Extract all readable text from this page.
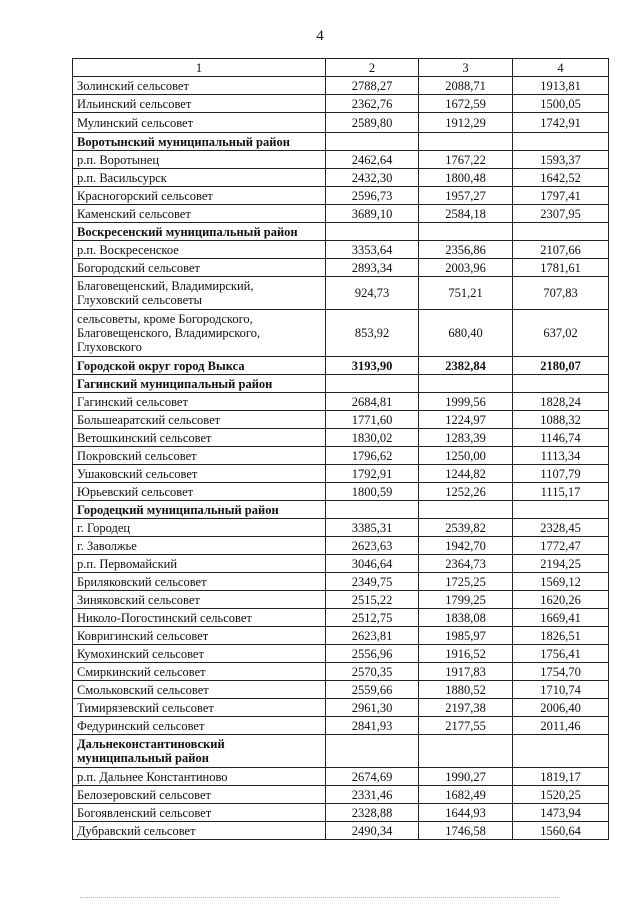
4
1	2	3	4
Золинский сельсовет	2788,27	2088,71	1913,81
Ильинский сельсовет	2362,76	1672,59	1500,05
Мулинский сельсовет	2589,80	1912,29	1742,91
Воротынский муниципальный район			
р.п. Воротынец	2462,64	1767,22	1593,37
р.п. Васильсурск	2432,30	1800,48	1642,52
Красногорский сельсовет	2596,73	1957,27	1797,41
Каменский сельсовет	3689,10	2584,18	2307,95
Воскресенский муниципальный район			
р.п. Воскресенское	3353,64	2356,86	2107,66
Богородский сельсовет	2893,34	2003,96	1781,61
Благовещенский, Владимирский,
Глуховский сельсоветы	924,73	751,21	707,83
сельсоветы, кроме Богородского,
Благовещенского, Владимирского,
Глуховского	853,92	680,40	637,02
Городской округ город Выкса	3193,90	2382,84	2180,07
Гагинский муниципальный район			
Гагинский сельсовет	2684,81	1999,56	1828,24
Большеаратский сельсовет	1771,60	1224,97	1088,32
Ветошкинский сельсовет	1830,02	1283,39	1146,74
Покровский сельсовет	1796,62	1250,00	1113,34
Ушаковский сельсовет	1792,91	1244,82	1107,79
Юрьевский сельсовет	1800,59	1252,26	1115,17
Городецкий муниципальный район			
г. Городец	3385,31	2539,82	2328,45
г. Заволжье	2623,63	1942,70	1772,47
р.п. Первомайский	3046,64	2364,73	2194,25
Бриляковский сельсовет	2349,75	1725,25	1569,12
Зиняковский сельсовет	2515,22	1799,25	1620,26
Николо-Погостинский сельсовет	2512,75	1838,08	1669,41
Ковригинский сельсовет	2623,81	1985,97	1826,51
Кумохинский сельсовет	2556,96	1916,52	1756,41
Смиркинский сельсовет	2570,35	1917,83	1754,70
Смольковский сельсовет	2559,66	1880,52	1710,74
Тимирязевский сельсовет	2961,30	2197,38	2006,40
Федуринский сельсовет	2841,93	2177,55	2011,46
Дальнеконстантиновский
муниципальный район			
р.п. Дальнее Константиново	2674,69	1990,27	1819,17
Белозеровский сельсовет	2331,46	1682,49	1520,25
Богоявленский сельсовет	2328,88	1644,93	1473,94
Дубравский сельсовет	2490,34	1746,58	1560,64
